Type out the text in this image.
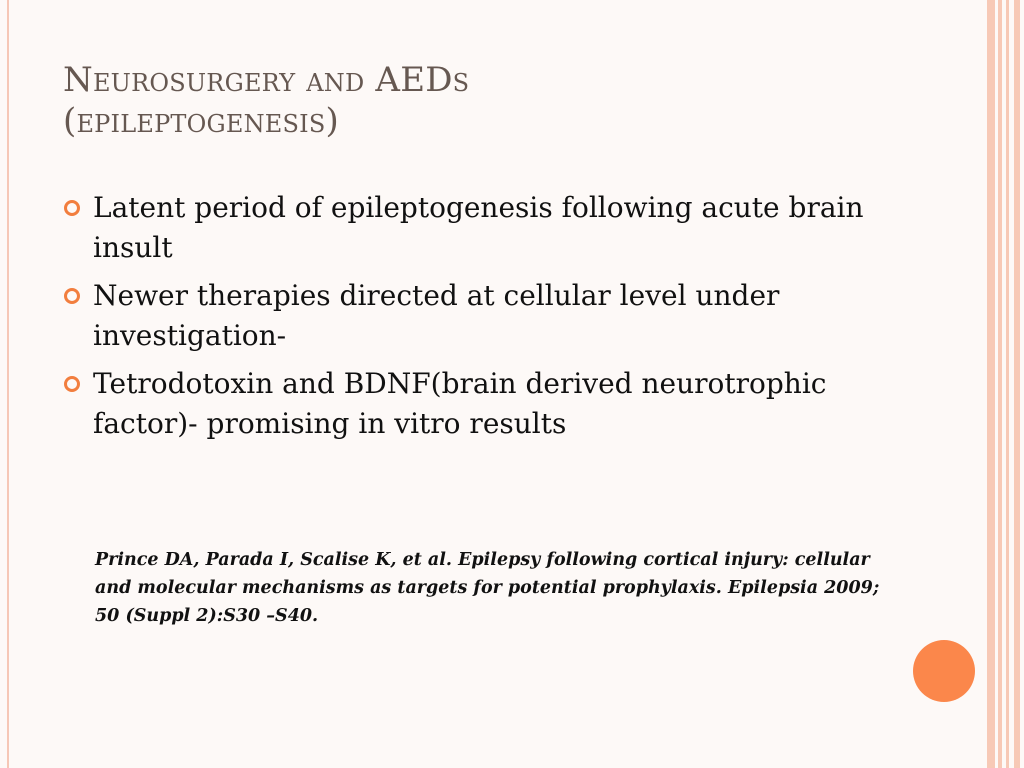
Neurosurgery and AEDs
(epileptogenesis)
Latent period of epileptogenesis following acute brain insult
Newer therapies directed at cellular level under investigation-
Tetrodotoxin and BDNF(brain derived neurotrophic factor)- promising in vitro results

Prince DA, Parada I, Scalise K, et al. Epilepsy following cortical injury: cellular and molecular mechanisms as targets for potential prophylaxis. Epilepsia 2009; 50 (Suppl 2):S30 –S40.
